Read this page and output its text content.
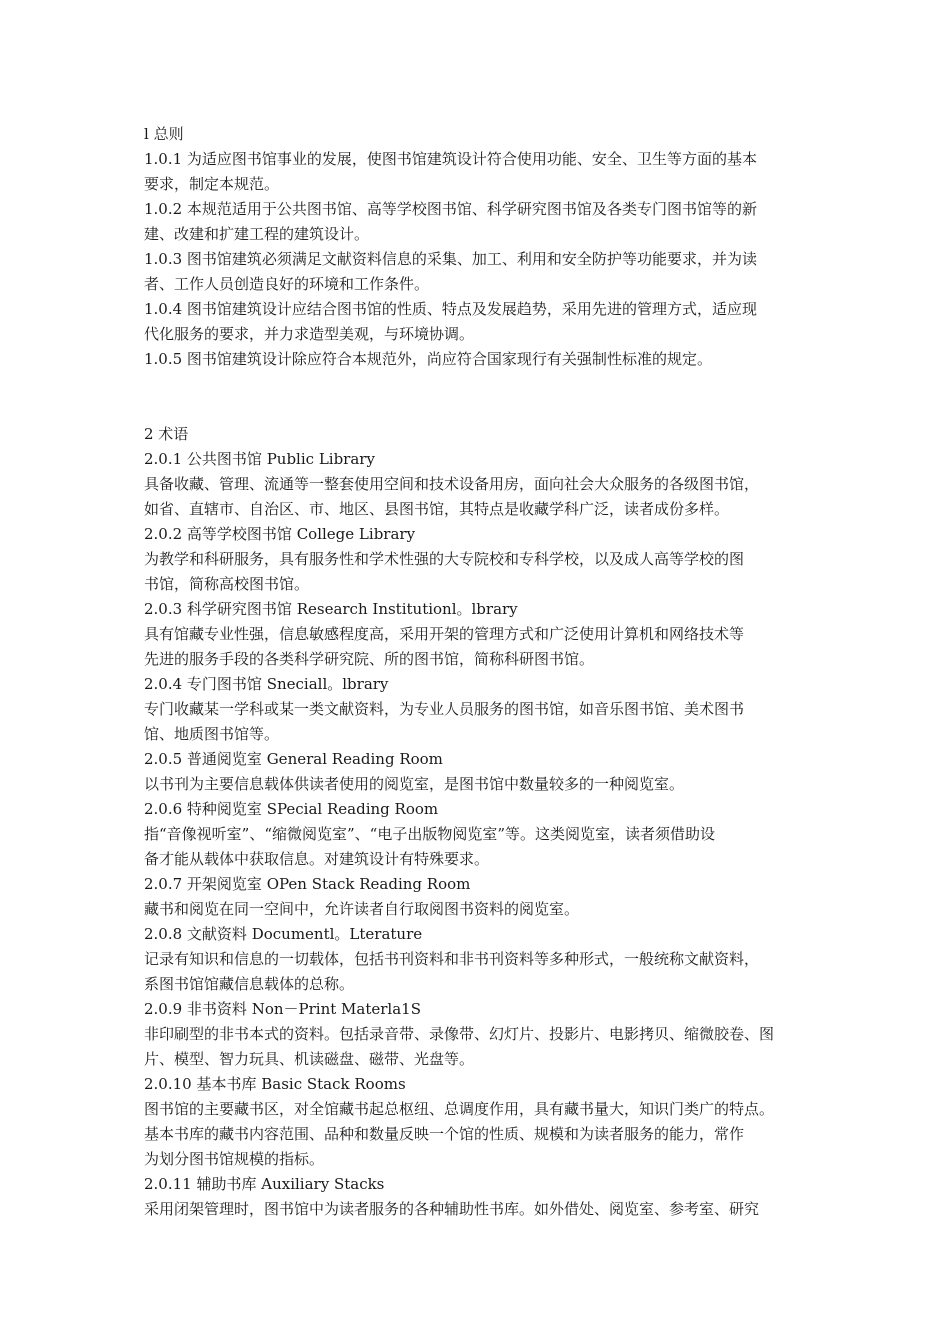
l 总则

1.0.1 为适应图书馆事业的发展，使图书馆建筑设计符合使用功能、安全、卫生等方面的基本

要求，制定本规范。

1.0.2 本规范适用于公共图书馆、高等学校图书馆、科学研究图书馆及各类专门图书馆等的新

建、改建和扩建工程的建筑设计。

1.0.3 图书馆建筑必须满足文献资料信息的采集、加工、利用和安全防护等功能要求，并为读

者、工作人员创造良好的环境和工作条件。

1.0.4 图书馆建筑设计应结合图书馆的性质、特点及发展趋势，采用先进的管理方式，适应现

代化服务的要求，并力求造型美观，与环境协调。

1.0.5 图书馆建筑设计除应符合本规范外，尚应符合国家现行有关强制性标准的规定。

2 术语

2.0.1 公共图书馆 Public Library

具备收藏、管理、流通等一整套使用空间和技术设备用房，面向社会大众服务的各级图书馆，

如省、直辖市、自治区、市、地区、县图书馆，其特点是收藏学科广泛，读者成份多样。

2.0.2 高等学校图书馆 College Library

为教学和科研服务，具有服务性和学术性强的大专院校和专科学校，以及成人高等学校的图

书馆，简称高校图书馆。

2.0.3 科学研究图书馆 Research Institutionl。lbrary

具有馆藏专业性强，信息敏感程度高，采用开架的管理方式和广泛使用计算机和网络技术等

先进的服务手段的各类科学研究院、所的图书馆，简称科研图书馆。

2.0.4 专门图书馆 Sneciall。lbrary

专门收藏某一学科或某一类文献资料，为专业人员服务的图书馆，如音乐图书馆、美术图书

馆、地质图书馆等。

2.0.5 普通阅览室 General Reading Room

以书刊为主要信息载体供读者使用的阅览室，是图书馆中数量较多的一种阅览室。

2.0.6 特种阅览室 SPecial Reading Room

指“音像视听室”、“缩微阅览室”、“电子出版物阅览室”等。这类阅览室，读者须借助设

备才能从载体中获取信息。对建筑设计有特殊要求。

2.0.7 开架阅览室 OPen Stack Reading Room

藏书和阅览在同一空间中，允许读者自行取阅图书资料的阅览室。

2.0.8 文献资料 Documentl。Lterature

记录有知识和信息的一切载体，包括书刊资料和非书刊资料等多种形式，一般统称文献资料，

系图书馆馆藏信息载体的总称。

2.0.9 非书资料 Non－Print Materla1S

非印刷型的非书本式的资料。包括录音带、录像带、幻灯片、投影片、电影拷贝、缩微胶卷、图

片、模型、智力玩具、机读磁盘、磁带、光盘等。

2.0.10 基本书库 Basic Stack Rooms

图书馆的主要藏书区，对全馆藏书起总枢纽、总调度作用，具有藏书量大，知识门类广的特点。

基本书库的藏书内容范围、品种和数量反映一个馆的性质、规模和为读者服务的能力，常作

为划分图书馆规模的指标。

2.0.11 辅助书库 Auxiliary Stacks

采用闭架管理时，图书馆中为读者服务的各种辅助性书库。如外借处、阅览室、参考室、研究
